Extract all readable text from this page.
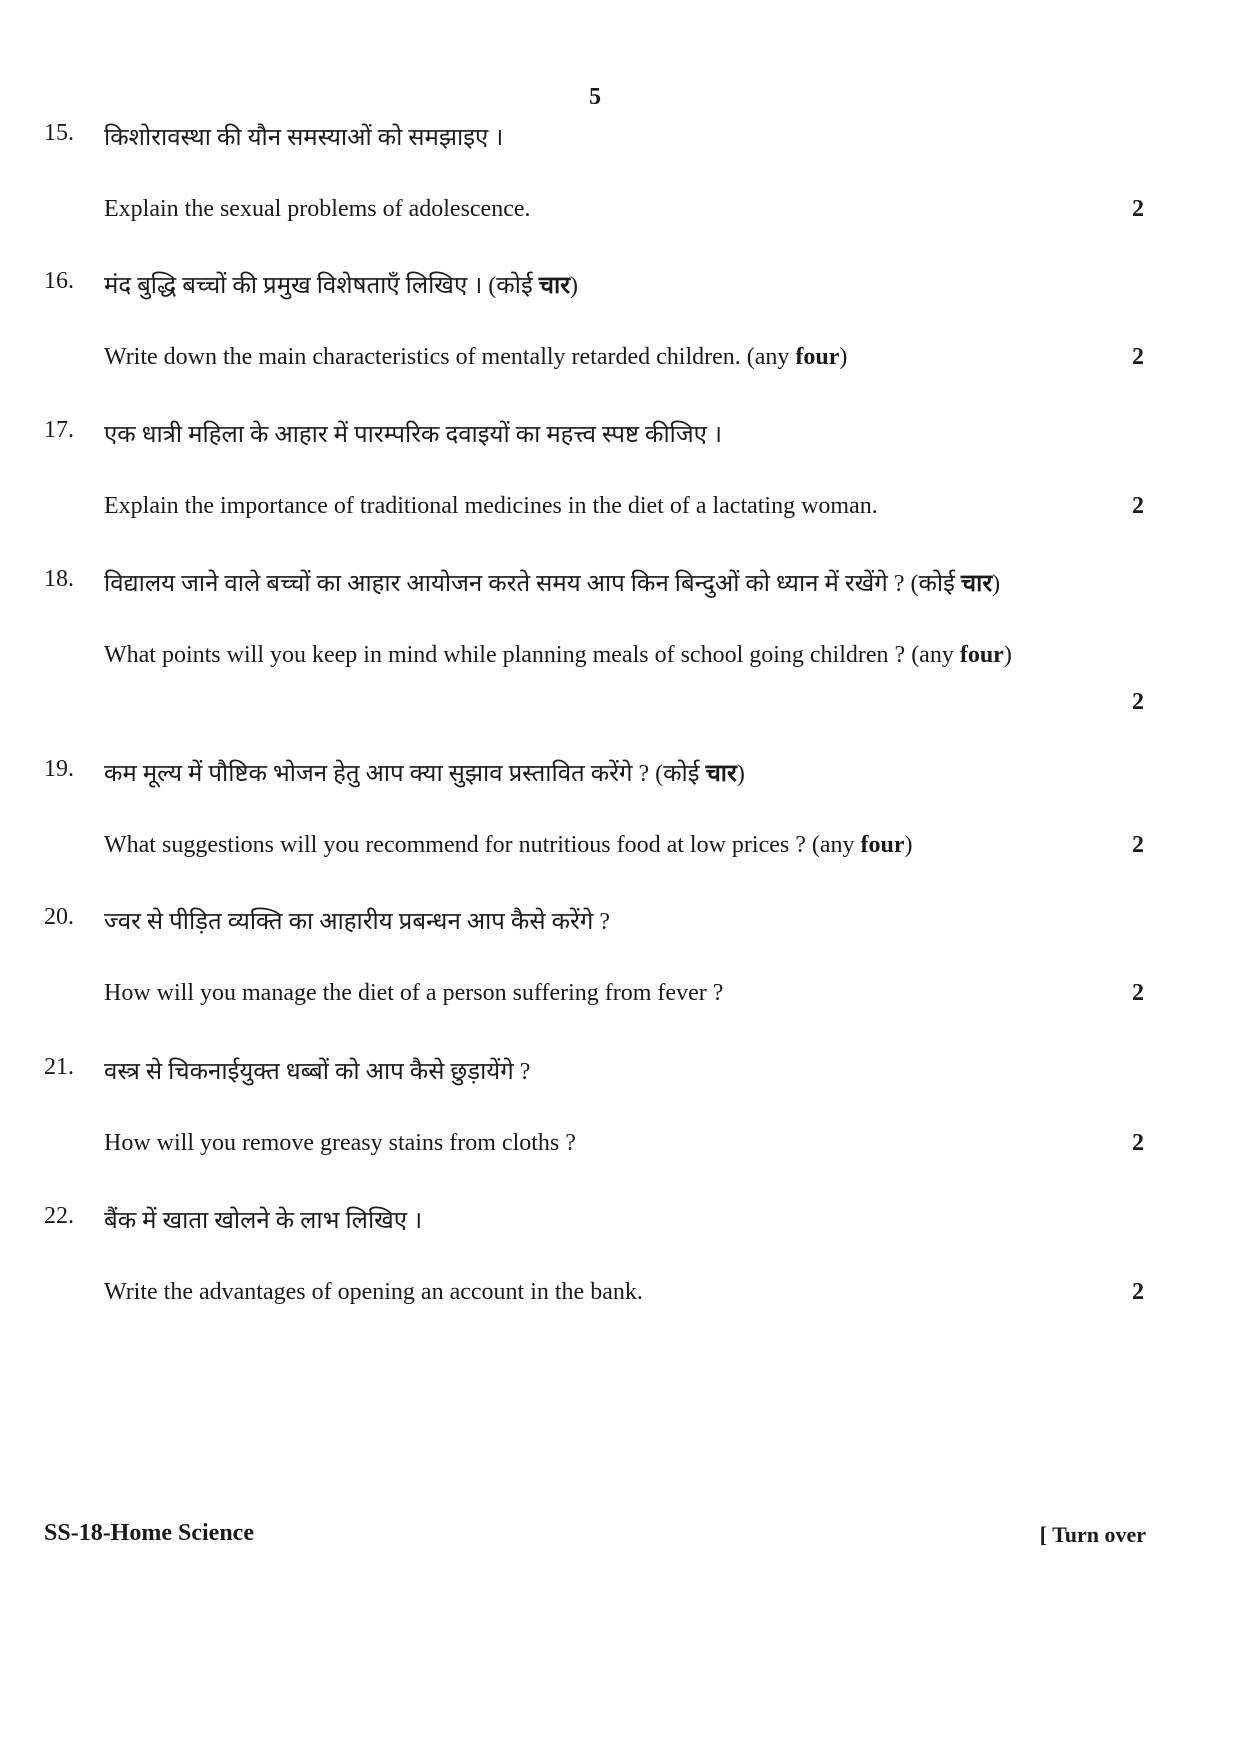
5
15. किशोरावस्था की यौन समस्याओं को समझाइए ।
Explain the sexual problems of adolescence.	2
16. मंद बुद्धि बच्चों की प्रमुख विशेषताएँ लिखिए । (कोई चार)
Write down the main characteristics of mentally retarded children. (any four)	2
17. एक धात्री महिला के आहार में पारम्परिक दवाइयों का महत्त्व स्पष्ट कीजिए ।
Explain the importance of traditional medicines in the diet of a lactating woman.	2
18. विद्यालय जाने वाले बच्चों का आहार आयोजन करते समय आप किन बिन्दुओं को ध्यान में रखेंगे ? (कोई चार)
What points will you keep in mind while planning meals of school going children ? (any four)
2
19. कम मूल्य में पौष्टिक भोजन हेतु आप क्या सुझाव प्रस्तावित करेंगे ? (कोई चार)
What suggestions will you recommend for nutritious food at low prices ? (any four)	2
20. ज्वर से पीड़ित व्यक्ति का आहारीय प्रबन्धन आप कैसे करेंगे ?
How will you manage the diet of a person suffering from fever ?	2
21. वस्त्र से चिकनाईयुक्त धब्बों को आप कैसे छुड़ायेंगे ?
How will you remove greasy stains from cloths ?	2
22. बैंक में खाता खोलने के लाभ लिखिए ।
Write the advantages of opening an account in the bank.	2
SS-18-Home Science	[ Turn over
